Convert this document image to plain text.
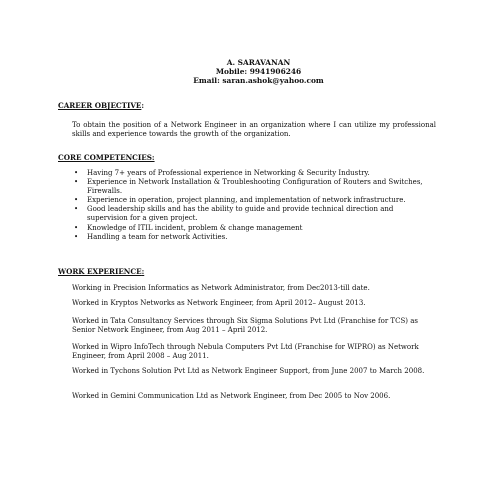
A. SARAVANAN
Mobile: 9941906246
Email: saran.ashok@yahoo.com
CAREER OBJECTIVE:
To obtain the position of a Network Engineer in an organization where I can utilize my professional skills and experience towards the growth of the organization.
CORE COMPETENCIES:
• Having 7+ years of Professional experience in Networking & Security Industry.
• Experience in Network Installation & Troubleshooting Configuration of Routers and Switches, Firewalls.
• Experience in operation, project planning, and implementation of network infrastructure.
• Good leadership skills and has the ability to guide and provide technical direction and supervision for a given project.
• Knowledge of ITIL incident, problem & change management
• Handling a team for network Activities.
WORK EXPERIENCE:
Working in Precision Informatics as Network Administrator, from Dec2013-till date.
Worked in Kryptos Networks as Network Engineer, from April 2012– August 2013.
Worked in Tata Consultancy Services through Six Sigma Solutions Pvt Ltd (Franchise for TCS) as Senior Network Engineer, from Aug 2011 – April 2012.
Worked in Wipro InfoTech through Nebula Computers Pvt Ltd (Franchise for WIPRO) as Network Engineer, from April 2008 – Aug 2011.
Worked in Tychons Solution Pvt Ltd as Network Engineer Support, from June 2007 to March 2008.
Worked in Gemini Communication Ltd as Network Engineer, from Dec 2005 to Nov 2006.
